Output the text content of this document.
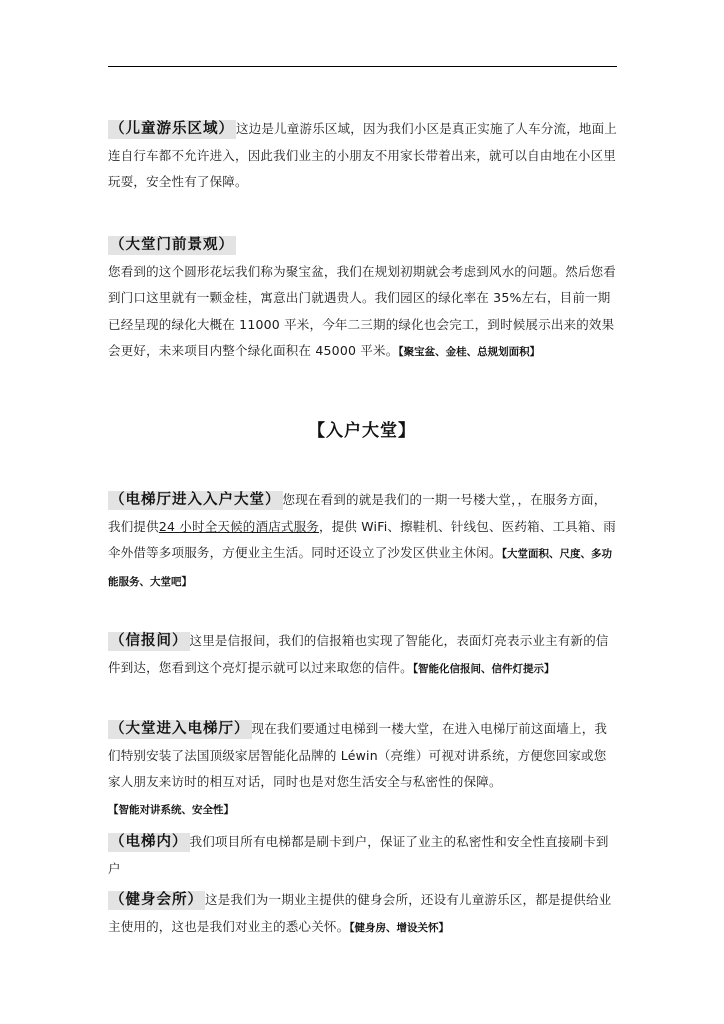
（儿童游乐区域） 这边是儿童游乐区域，因为我们小区是真正实施了人车分流，地面上连自行车都不允许进入，因此我们业主的小朋友不用家长带着出来，就可以自由地在小区里玩耍，安全性有了保障。
（大堂门前景观）
您看到的这个圆形花坛我们称为聚宝盆，我们在规划初期就会考虑到风水的问题。然后您看到门口这里就有一颗金桂，寓意出门就遇贵人。我们园区的绿化率在 35%左右，目前一期已经呈现的绿化大概在 11000 平米，今年二三期的绿化也会完工，到时候展示出来的效果会更好，未来项目内整个绿化面积在 45000 平米。【聚宝盆、金桂、总规划面积】
【入户大堂】
（电梯厅进入入户大堂） 您现在看到的就是我们的一期一号楼大堂，，在服务方面，我们提供24 小时全天候的酒店式服务，提供 WiFi、擦鞋机、针线包、医药箱、工具箱、雨伞外借等多项服务，方便业主生活。同时还设立了沙发区供业主休闲。【大堂面积、尺度、多功能服务、大堂吧】
（信报间） 这里是信报间，我们的信报箱也实现了智能化，表面灯亮表示业主有新的信件到达，您看到这个亮灯提示就可以过来取您的信件。【智能化信报间、信件灯提示】
（大堂进入电梯厅） 现在我们要通过电梯到一楼大堂，在进入电梯厅前这面墙上，我们特别安装了法国顶级家居智能化品牌的 Léwin（亮维）可视对讲系统，方便您回家或您家人朋友来访时的相互对话，同时也是对您生活安全与私密性的保障。【智能对讲系统、安全性】
（电梯内） 我们项目所有电梯都是刷卡到户，保证了业主的私密性和安全性直接刷卡到户
（健身会所） 这是我们为一期业主提供的健身会所，还设有儿童游乐区，都是提供给业主使用的，这也是我们对业主的悉心关怀。【健身房、增设关怀】
